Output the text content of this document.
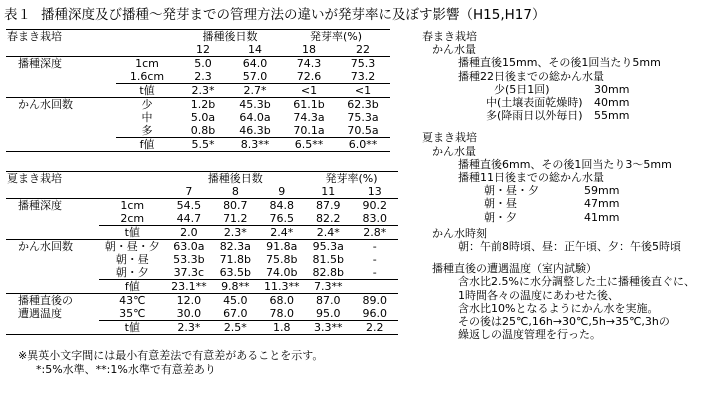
表１ 播種深度及び播種〜発芽までの管理方法の違いが発芽率に及ぼす影響（H15,H17）
春まき栽培		播種後日数		発芽率(%)	
		12	14	18	22
播種深度	1cm	5.0	64.0	74.3	75.3
	1.6cm	2.3	57.0	72.6	73.2
	t値	2.3*	2.7*	<1	<1
かん水回数	少	1.2b	45.3b	61.1b	62.3b
	中	5.0a	64.0a	74.3a	75.3a
	多	0.8b	46.3b	70.1a	70.5a
	f値	5.5*	8.3**	6.5**	6.0**
夏まき栽培		播種後日数			発芽率(%)	
		7	8	9	11	13
播種深度	1cm	54.5	80.7	84.8	87.9	90.2
	2cm	44.7	71.2	76.5	82.2	83.0
	t値	2.0	2.3*	2.4*	2.4*	2.8*
かん水回数	朝・昼・夕	63.0a	82.3a	91.8a	95.3a	-
	朝・昼	53.3b	71.8b	75.8b	81.5b	-
	朝・夕	37.3c	63.5b	74.0b	82.8b	-
	f値	23.1**	9.8**	11.3**	7.3**	
播種直後の	43℃	12.0	45.0	68.0	87.0	89.0
遭遇温度	35℃	30.0	67.0	78.0	95.0	96.0
	t値	2.3*	2.5*	1.8	3.3**	2.2
※異英小文字間には最小有意差法で有意差があることを示す。
*:5%水準、**:1%水準で有意差あり
春まき栽培
かん水量
播種直後15mm、その後1回当たり5mm
播種22日後までの総かん水量
少(5日1回)	30mm
中(土壌表面乾燥時) 40mm
多(降雨日以外毎日) 55mm
夏まき栽培
かん水量
播種直後6mm、その後1回当たり3〜5mm
播種11日後までの総かん水量
朝・昼・夕	59mm
朝・昼	47mm
朝・夕	41mm
かん水時刻
朝：午前8時頃、昼：正午頃、夕：午後5時頃
播種直後の遭遇温度（室内試験）
含水比2.5%に水分調整した土に播種後直ぐに、
1時間各々の温度にあわせた後、
含水比10%となるようにかん水を実施。
その後は25℃,16h→30℃,5h→35℃,3hの
繰返しの温度管理を行った。
